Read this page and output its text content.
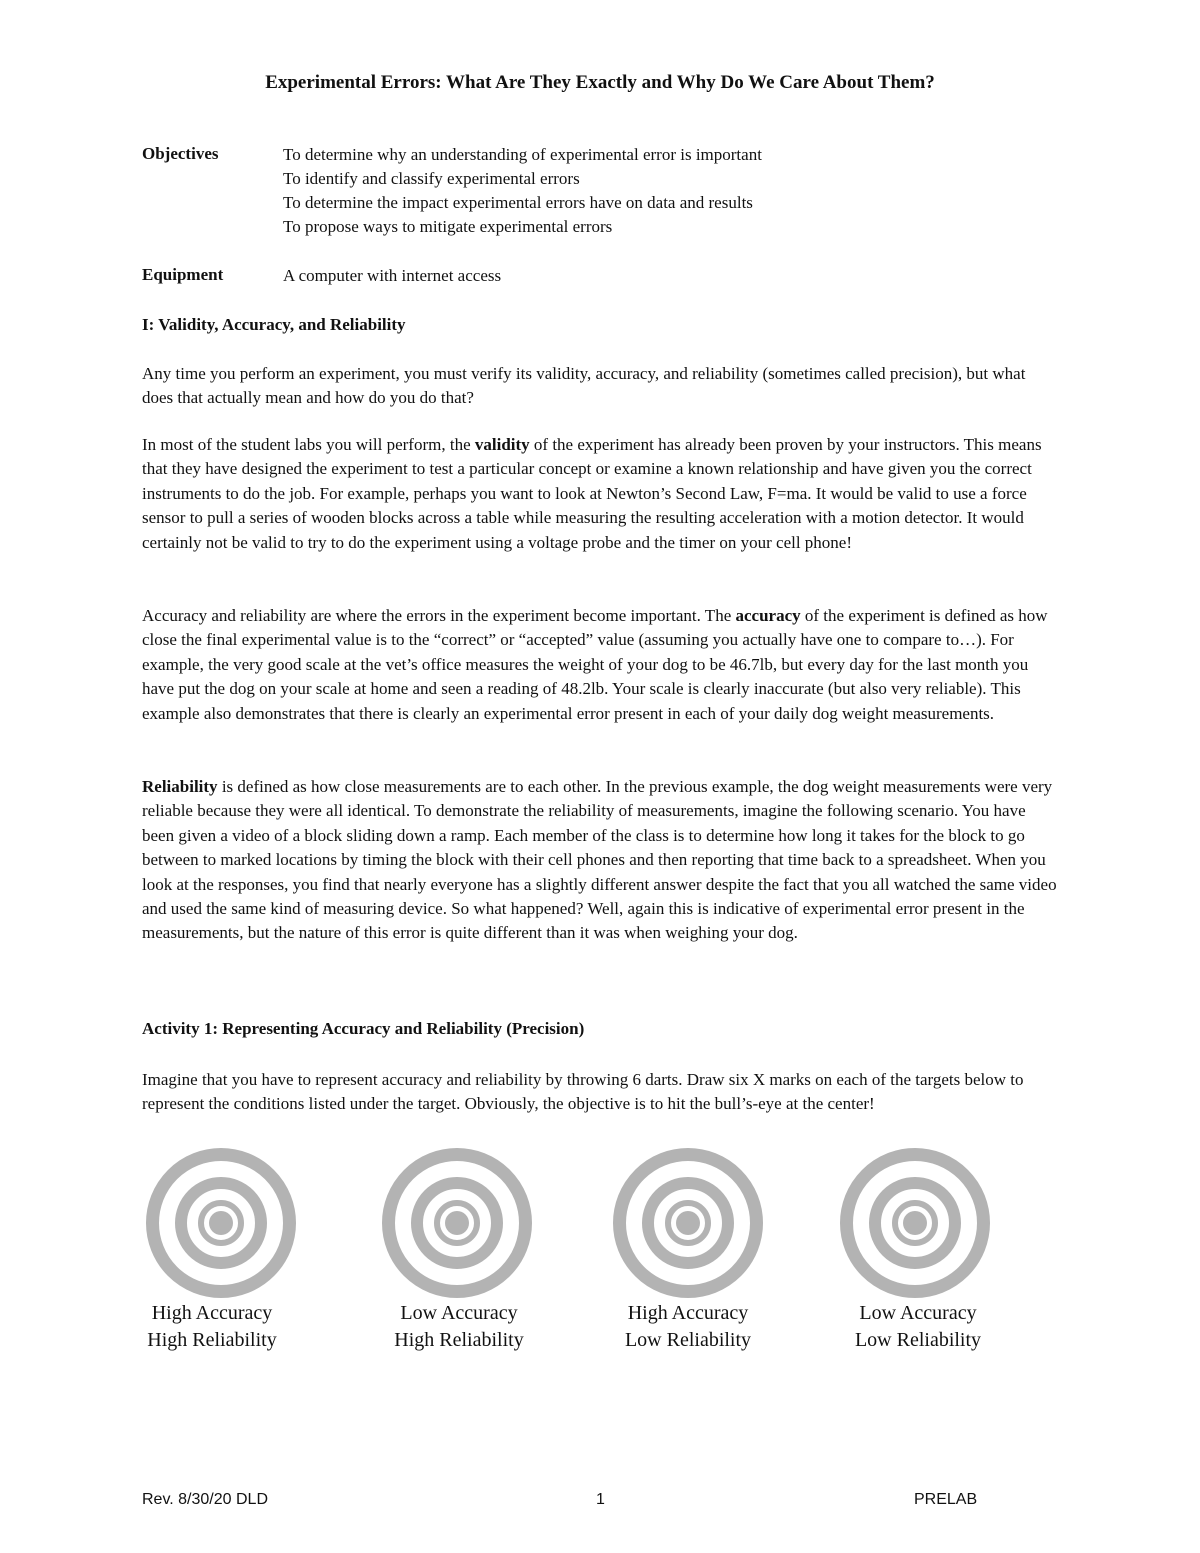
Experimental Errors: What Are They Exactly and Why Do We Care About Them?
Objectives	To determine why an understanding of experimental error is important
To identify and classify experimental errors
To determine the impact experimental errors have on data and results
To propose ways to mitigate experimental errors
Equipment	A computer with internet access
I: Validity, Accuracy, and Reliability

Any time you perform an experiment, you must verify its validity, accuracy, and reliability (sometimes called precision), but what does that actually mean and how do you do that?

In most of the student labs you will perform, the validity of the experiment has already been proven by your instructors. This means that they have designed the experiment to test a particular concept or examine a known relationship and have given you the correct instruments to do the job. For example, perhaps you want to look at Newton’s Second Law, F=ma. It would be valid to use a force sensor to pull a series of wooden blocks across a table while measuring the resulting acceleration with a motion detector. It would certainly not be valid to try to do the experiment using a voltage probe and the timer on your cell phone!

Accuracy and reliability are where the errors in the experiment become important. The accuracy of the experiment is defined as how close the final experimental value is to the “correct” or “accepted” value (assuming you actually have one to compare to…). For example, the very good scale at the vet’s office measures the weight of your dog to be 46.7lb, but every day for the last month you have put the dog on your scale at home and seen a reading of 48.2lb. Your scale is clearly inaccurate (but also very reliable). This example also demonstrates that there is clearly an experimental error present in each of your daily dog weight measurements.

Reliability is defined as how close measurements are to each other. In the previous example, the dog weight measurements were very reliable because they were all identical. To demonstrate the reliability of measurements, imagine the following scenario. You have been given a video of a block sliding down a ramp. Each member of the class is to determine how long it takes for the block to go between to marked locations by timing the block with their cell phones and then reporting that time back to a spreadsheet. When you look at the responses, you find that nearly everyone has a slightly different answer despite the fact that you all watched the same video and used the same kind of measuring device. So what happened? Well, again this is indicative of experimental error present in the measurements, but the nature of this error is quite different than it was when weighing your dog.

Activity 1: Representing Accuracy and Reliability (Precision)

Imagine that you have to represent accuracy and reliability by throwing 6 darts. Draw six X marks on each of the targets below to represent the conditions listed under the target. Obviously, the objective is to hit the bull’s-eye at the center!

High Accuracy
High Reliability
Low Accuracy
High Reliability
High Accuracy
Low Reliability
Low Accuracy
Low Reliability
Rev. 8/30/20 DLD	1	PRELAB
